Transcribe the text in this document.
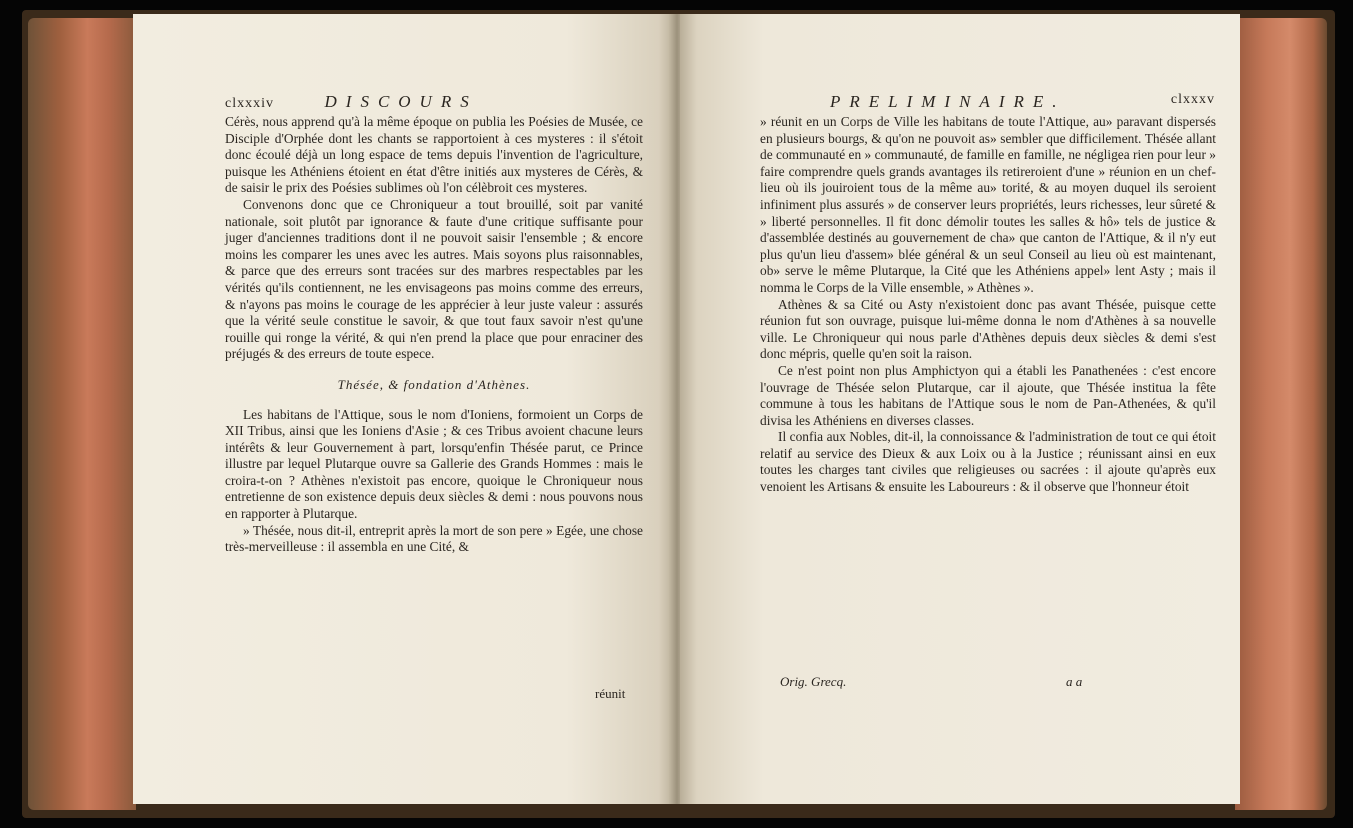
clxxxiv	DISCOURS

Cérès, nous apprend qu'à la même époque on publia les Poésies de Musée, ce Disciple d'Orphée dont les chants se rapportoient à ces mysteres : il s'étoit donc écoulé déjà un long espace de tems depuis l'invention de l'agriculture, puisque les Athéniens étoient en état d'être initiés aux mysteres de Cérès, & de saisir le prix des Poésies sublimes où l'on célèbroit ces mysteres.

Convenons donc que ce Chroniqueur a tout brouillé, soit par vanité nationale, soit plutôt par ignorance & faute d'une critique suffisante pour juger d'anciennes traditions dont il ne pouvoit saisir l'ensemble ; & encore moins les comparer les unes avec les autres. Mais soyons plus raisonnables, & parce que des erreurs sont tracées sur des marbres respectables par les vérités qu'ils contiennent, ne les envisageons pas moins comme des erreurs, & n'ayons pas moins le courage de les apprécier à leur juste valeur : assurés que la vérité seule constitue le savoir, & que tout faux savoir n'est qu'une rouille qui ronge la vérité, & qui n'en prend la place que pour enraciner des préjugés & des erreurs de toute espece.

Thésée, & fondation d'Athènes.

Les habitans de l'Attique, sous le nom d'Ioniens, formoient un Corps de XII Tribus, ainsi que les Ioniens d'Asie ; & ces Tribus avoient chacune leurs intérêts & leur Gouvernement à part, lorsqu'enfin Thésée parut, ce Prince illustre par lequel Plutarque ouvre sa Gallerie des Grands Hommes : mais le croira-t-on ? Athènes n'existoit pas encore, quoique le Chroniqueur nous entretienne de son existence depuis deux siècles & demi : nous pouvons nous en rapporter à Plutarque.

» Thésée, nous dit-il, entreprit après la mort de son pere » Egée, une chose très-merveilleuse : il assembla en une Cité, &

réunit
PRELIMINAIRE.	clxxxv

» réunit en un Corps de Ville les habitans de toute l'Attique, au» paravant dispersés en plusieurs bourgs, & qu'on ne pouvoit as» sembler que difficilement. Thésée allant de communauté en » communauté, de famille en famille, ne négligea rien pour leur » faire comprendre quels grands avantages ils retireroient d'une » réunion en un chef-lieu où ils jouiroient tous de la même au» torité, & au moyen duquel ils seroient infiniment plus assurés » de conserver leurs propriétés, leurs richesses, leur sûreté & » liberté personnelles. Il fit donc démolir toutes les salles & hô» tels de justice & d'assemblée destinés au gouvernement de cha» que canton de l'Attique, & il n'y eut plus qu'un lieu d'assem» blée général & un seul Conseil au lieu où est maintenant, ob» serve le même Plutarque, la Cité que les Athéniens appel» lent Asty ; mais il nomma le Corps de la Ville ensemble, » Athènes ».

Athènes & sa Cité ou Asty n'existoient donc pas avant Thésée, puisque cette réunion fut son ouvrage, puisque lui-même donna le nom d'Athènes à sa nouvelle ville. Le Chroniqueur qui nous parle d'Athènes depuis deux siècles & demi s'est donc mépris, quelle qu'en soit la raison.

Ce n'est point non plus Amphictyon qui a établi les Panathenées : c'est encore l'ouvrage de Thésée selon Plutarque, car il ajoute, que Thésée institua la fête commune à tous les habitans de l'Attique sous le nom de Pan-Athenées, & qu'il divisa les Athéniens en diverses classes.

Il confia aux Nobles, dit-il, la connoissance & l'administration de tout ce qui étoit relatif au service des Dieux & aux Loix ou à la Justice ; réunissant ainsi en eux toutes les charges tant civiles que religieuses ou sacrées : il ajoute qu'après eux venoient les Artisans & ensuite les Laboureurs : & il observe que l'honneur étoit

Orig. Grecq.	a a
